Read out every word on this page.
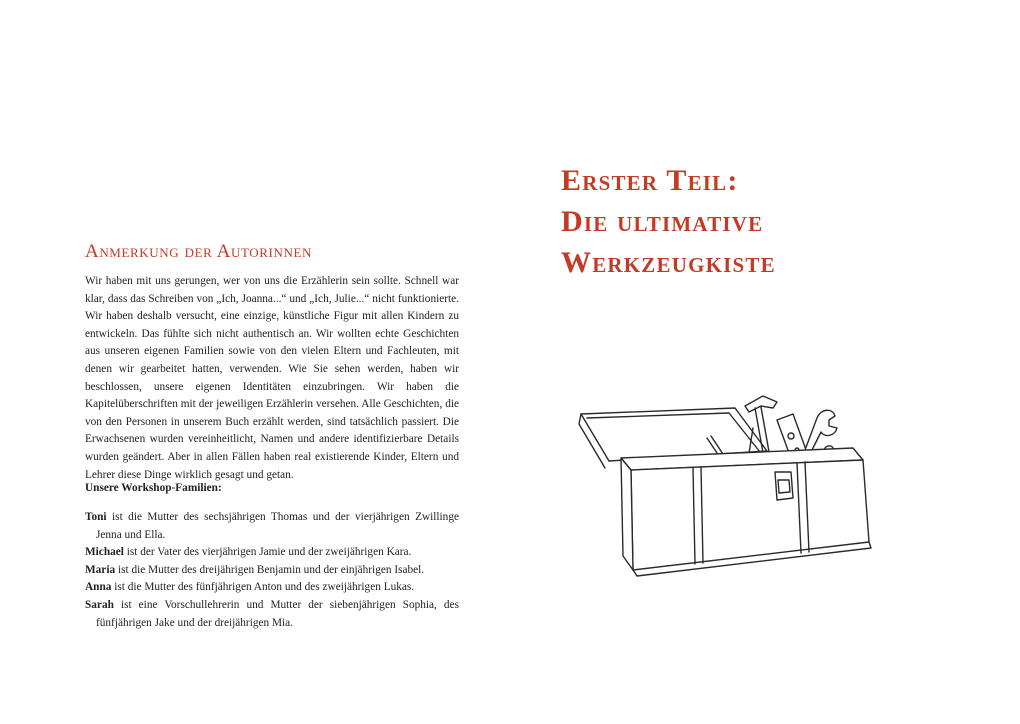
Anmerkung der Autorinnen

Wir haben mit uns gerungen, wer von uns die Erzählerin sein sollte. Schnell war klar, dass das Schreiben von „Ich, Joanna...“ und „Ich, Julie...“ nicht funktionierte. Wir haben deshalb versucht, eine einzige, künstliche Figur mit allen Kindern zu entwickeln. Das fühlte sich nicht authentisch an. Wir wollten echte Geschichten aus unseren eigenen Familien sowie von den vielen Eltern und Fachleuten, mit denen wir gearbeitet hatten, verwenden. Wie Sie sehen werden, haben wir beschlossen, unsere eigenen Identitäten einzubringen. Wir haben die Kapitelüberschriften mit der jeweiligen Erzählerin versehen. Alle Geschichten, die von den Personen in unserem Buch erzählt werden, sind tatsächlich passiert. Die Erwachsenen wurden vereinheitlicht, Namen und andere identifizierbare Details wurden geändert. Aber in allen Fällen haben real existierende Kinder, Eltern und Lehrer diese Dinge wirklich gesagt und getan.

Unsere Workshop-Familien:

Toni ist die Mutter des sechsjährigen Thomas und der vierjährigen Zwillinge Jenna und Ella.
Michael ist der Vater des vierjährigen Jamie und der zweijährigen Kara.
Maria ist die Mutter des dreijährigen Benjamin und der einjährigen Isabel.
Anna ist die Mutter des fünfjährigen Anton und des zweijährigen Lukas.
Sarah ist eine Vorschullehrerin und Mutter der siebenjährigen Sophia, des fünfjährigen Jake und der dreijährigen Mia.
Erster Teil:
Die ultimative
Werkzeugkiste
